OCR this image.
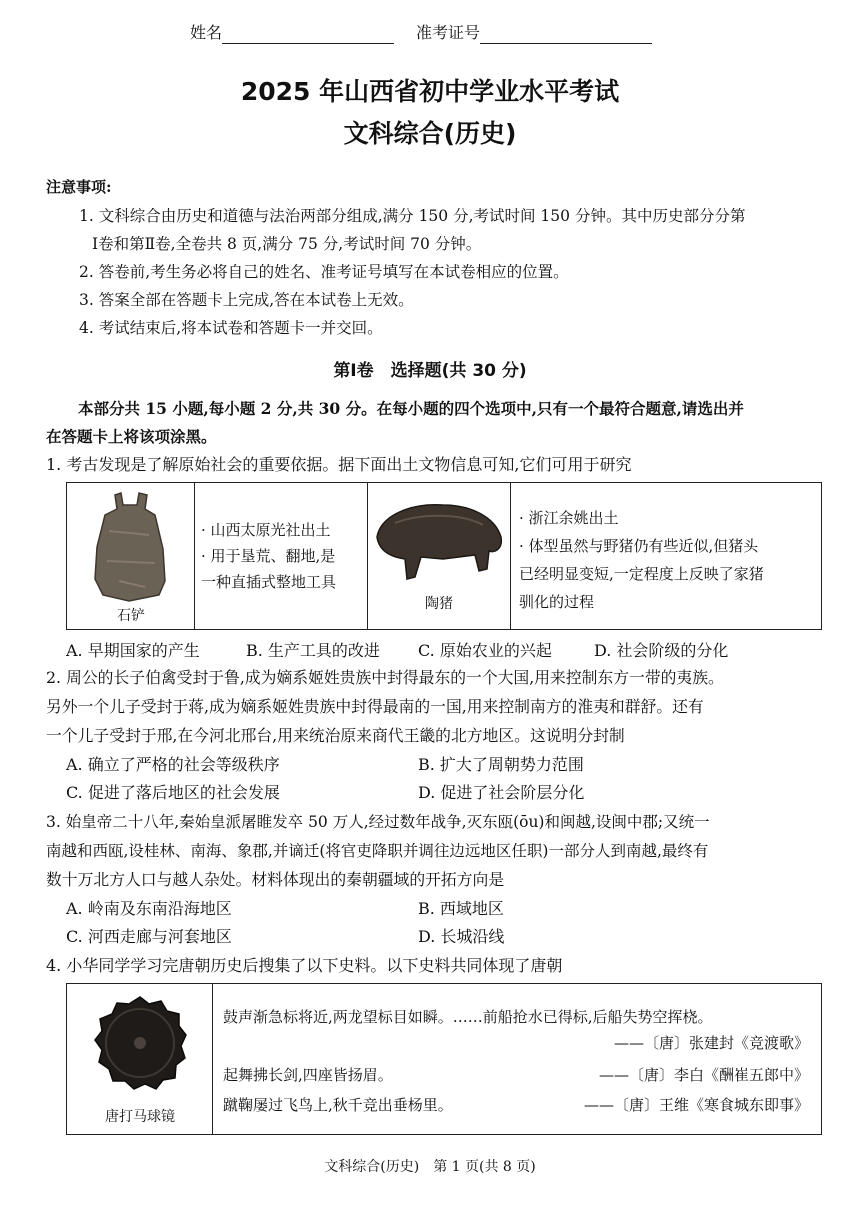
姓名	准考证号
2025 年山西省初中学业水平考试
文科综合(历史)
注意事项:
1. 文科综合由历史和道德与法治两部分组成,满分 150 分,考试时间 150 分钟。其中历史部分分第
Ⅰ卷和第Ⅱ卷,全卷共 8 页,满分 75 分,考试时间 70 分钟。
2. 答卷前,考生务必将自己的姓名、准考证号填写在本试卷相应的位置。
3. 答案全部在答题卡上完成,答在本试卷上无效。
4. 考试结束后,将本试卷和答题卡一并交回。
第Ⅰ卷　选择题(共 30 分)
本部分共 15 小题,每小题 2 分,共 30 分。在每小题的四个选项中,只有一个最符合题意,请选出并
在答题卡上将该项涂黑。
1. 考古发现是了解原始社会的重要依据。据下面出土文物信息可知,它们可用于研究
石铲
· 山西太原光社出土
· 用于垦荒、翻地,是
一种直插式整地工具
陶猪
· 浙江余姚出土
· 体型虽然与野猪仍有些近似,但猪头
已经明显变短,一定程度上反映了家猪
驯化的过程
A. 早期国家的产生	B. 生产工具的改进 C. 原始农业的兴起	D. 社会阶级的分化
2. 周公的长子伯禽受封于鲁,成为嫡系姬姓贵族中封得最东的一个大国,用来控制东方一带的夷族。
另外一个儿子受封于蒋,成为嫡系姬姓贵族中封得最南的一国,用来控制南方的淮夷和群舒。还有
一个儿子受封于邢,在今河北邢台,用来统治原来商代王畿的北方地区。这说明分封制
A. 确立了严格的社会等级秩序	B. 扩大了周朝势力范围
C. 促进了落后地区的社会发展	D. 促进了社会阶层分化
3. 始皇帝二十八年,秦始皇派屠睢发卒 50 万人,经过数年战争,灭东瓯(ōu)和闽越,设闽中郡;又统一
南越和西瓯,设桂林、南海、象郡,并谪迁(将官吏降职并调往边远地区任职)一部分人到南越,最终有
数十万北方人口与越人杂处。材料体现出的秦朝疆域的开拓方向是
A. 岭南及东南沿海地区	B. 西域地区
C. 河西走廊与河套地区	D. 长城沿线
4. 小华同学学习完唐朝历史后搜集了以下史料。以下史料共同体现了唐朝
唐打马球镜
鼓声渐急标将近,两龙望标目如瞬。……前船抢水已得标,后船失势空挥桡。
——〔唐〕张建封《竞渡歌》
起舞拂长剑,四座皆扬眉。	——〔唐〕李白《酬崔五郎中》
蹴鞠屡过飞鸟上,秋千竞出垂杨里。	——〔唐〕王维《寒食城东即事》
文科综合(历史)　第 1 页(共 8 页)
